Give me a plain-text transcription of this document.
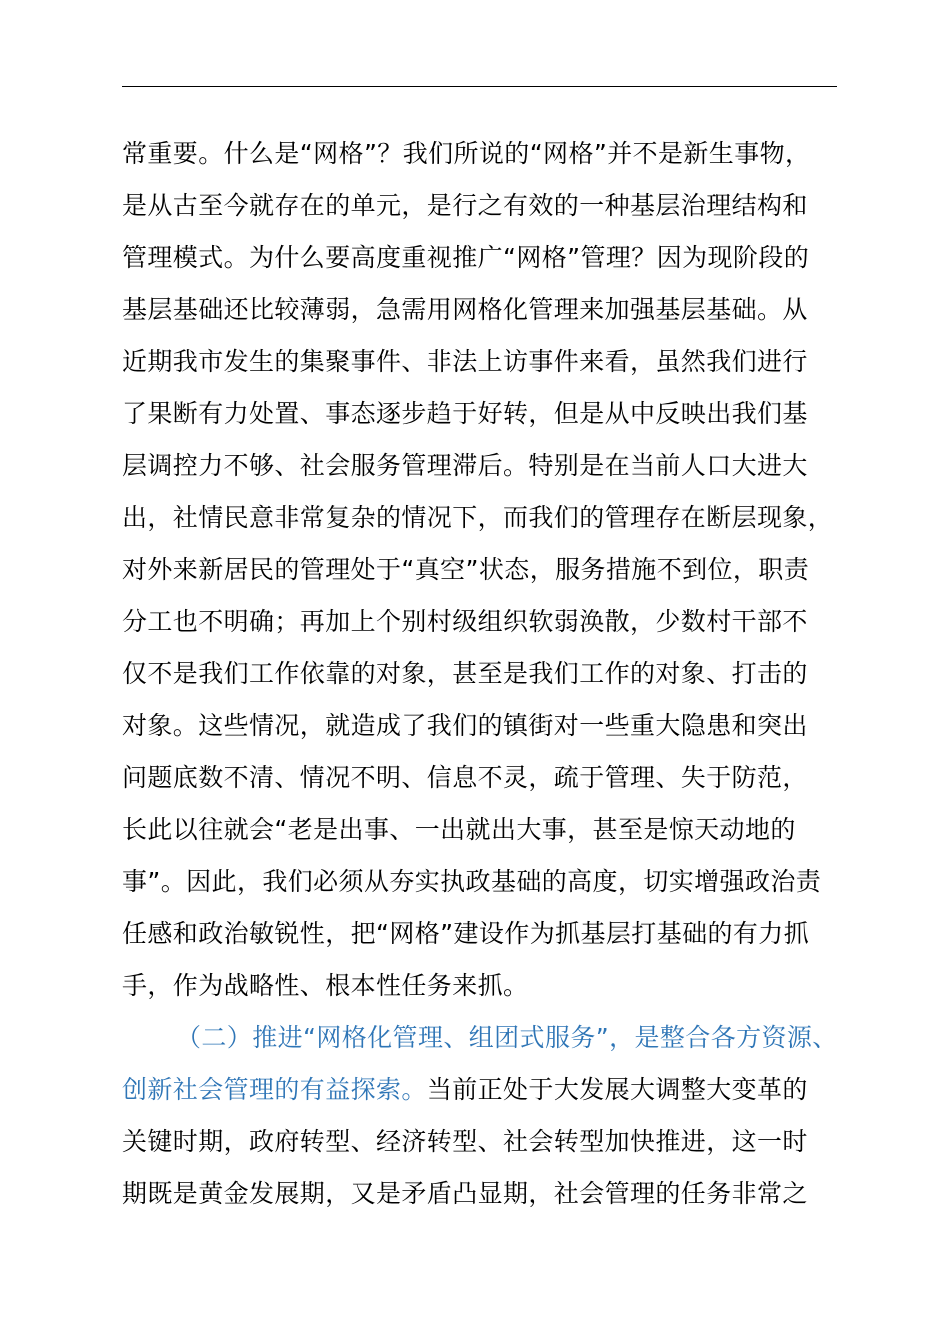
常重要。什么是“网格”？我们所说的“网格”并不是新生事物，
是从古至今就存在的单元，是行之有效的一种基层治理结构和
管理模式。为什么要高度重视推广“网格”管理？因为现阶段的
基层基础还比较薄弱，急需用网格化管理来加强基层基础。从
近期我市发生的集聚事件、非法上访事件来看，虽然我们进行
了果断有力处置、事态逐步趋于好转，但是从中反映出我们基
层调控力不够、社会服务管理滞后。特别是在当前人口大进大
出，社情民意非常复杂的情况下，而我们的管理存在断层现象，
对外来新居民的管理处于“真空”状态，服务措施不到位，职责
分工也不明确；再加上个别村级组织软弱涣散，少数村干部不
仅不是我们工作依靠的对象，甚至是我们工作的对象、打击的
对象。这些情况，就造成了我们的镇街对一些重大隐患和突出
问题底数不清、情况不明、信息不灵，疏于管理、失于防范，
长此以往就会“老是出事、一出就出大事，甚至是惊天动地的
事”。因此，我们必须从夯实执政基础的高度，切实增强政治责
任感和政治敏锐性，把“网格”建设作为抓基层打基础的有力抓
手，作为战略性、根本性任务来抓。
（二）推进“网格化管理、组团式服务”，是整合各方资源、
创新社会管理的有益探索。当前正处于大发展大调整大变革的
关键时期，政府转型、经济转型、社会转型加快推进，这一时
期既是黄金发展期，又是矛盾凸显期，社会管理的任务非常之
